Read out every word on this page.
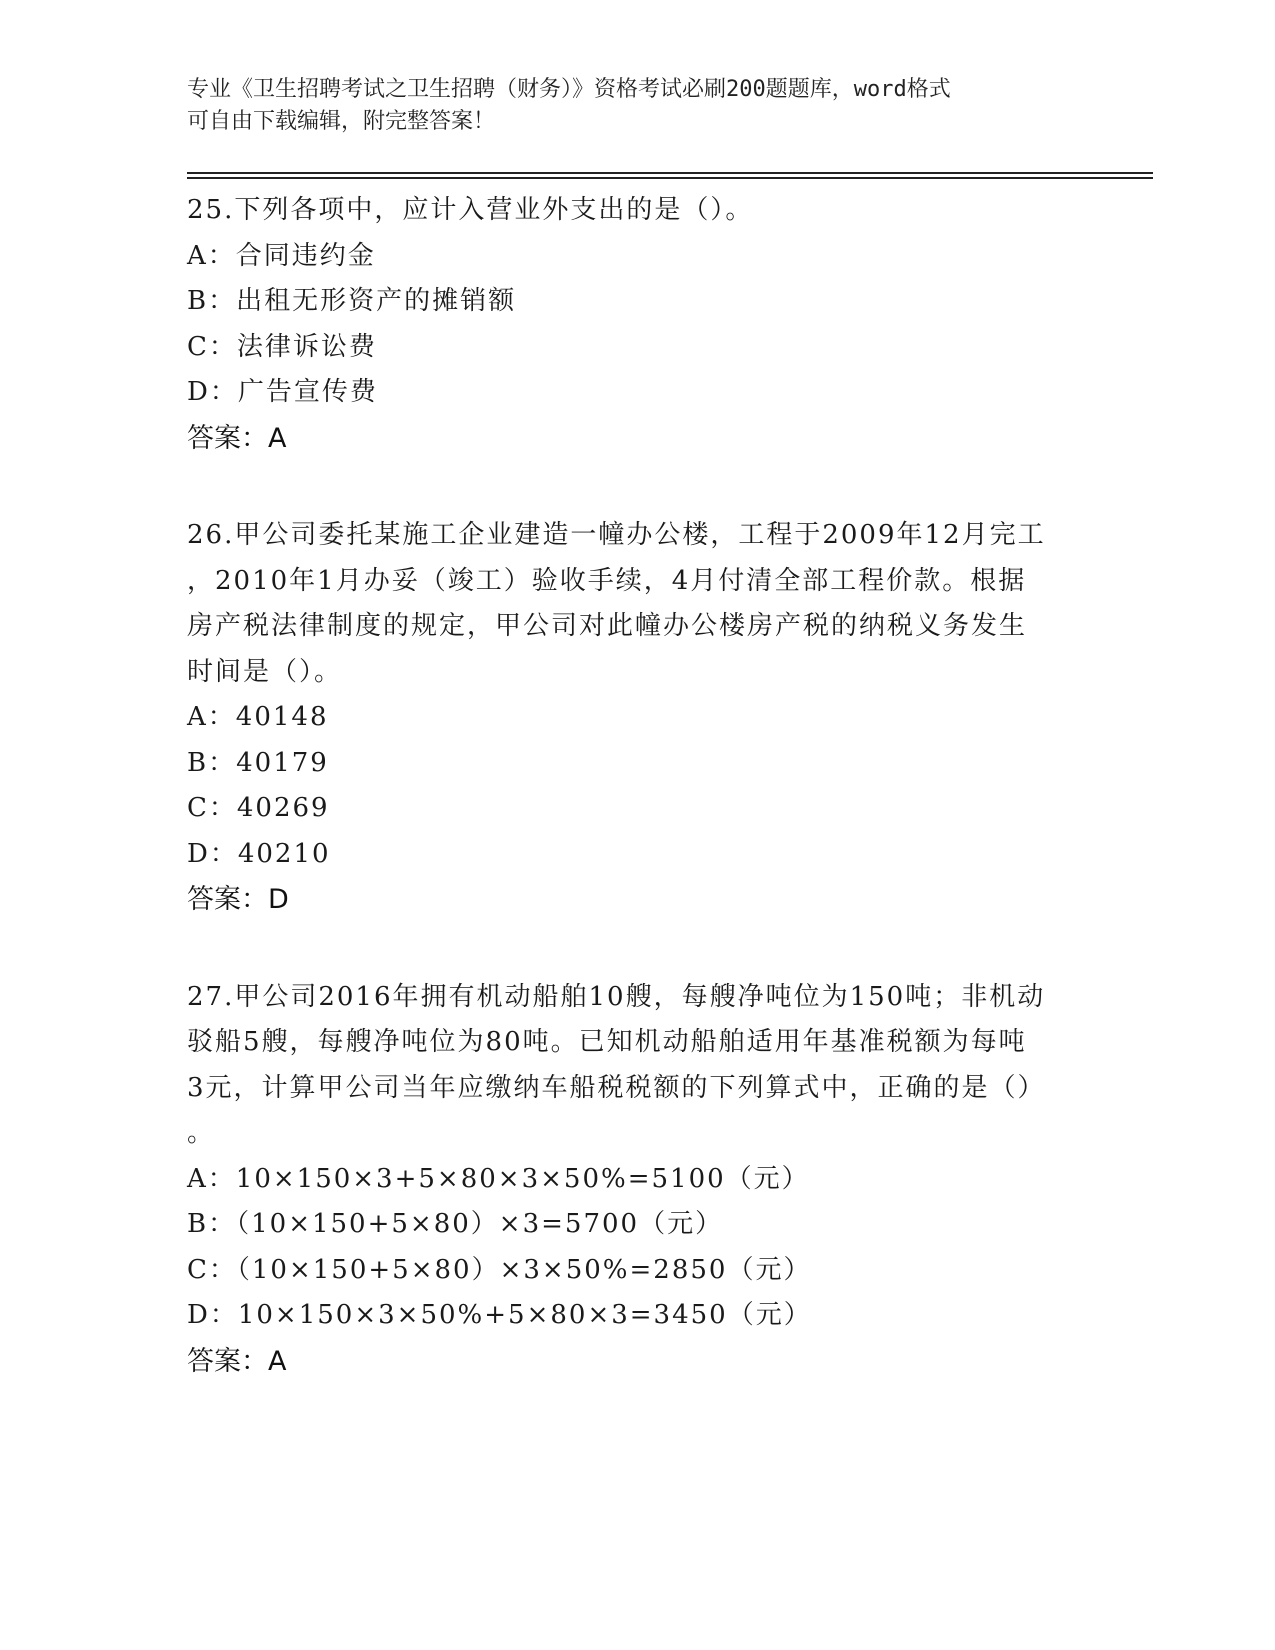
专业《卫生招聘考试之卫生招聘（财务）》资格考试必刷200题题库，word格式
可自由下载编辑，附完整答案！
25.下列各项中，应计入营业外支出的是（）。
A：合同违约金
B：出租无形资产的摊销额
C：法律诉讼费
D：广告宣传费
答案：A
26.甲公司委托某施工企业建造一幢办公楼，工程于2009年12月完工
，2010年1月办妥（竣工）验收手续，4月付清全部工程价款。根据
房产税法律制度的规定，甲公司对此幢办公楼房产税的纳税义务发生
时间是（）。
A：40148
B：40179
C：40269
D：40210
答案：D
27.甲公司2016年拥有机动船舶10艘，每艘净吨位为150吨；非机动
驳船5艘，每艘净吨位为80吨。已知机动船舶适用年基准税额为每吨
3元，计算甲公司当年应缴纳车船税税额的下列算式中，正确的是（）
。
A：10×150×3+5×80×3×50%=5100（元）
B：（10×150+5×80）×3=5700（元）
C：（10×150+5×80）×3×50%=2850（元）
D：10×150×3×50%+5×80×3=3450（元）
答案：A
